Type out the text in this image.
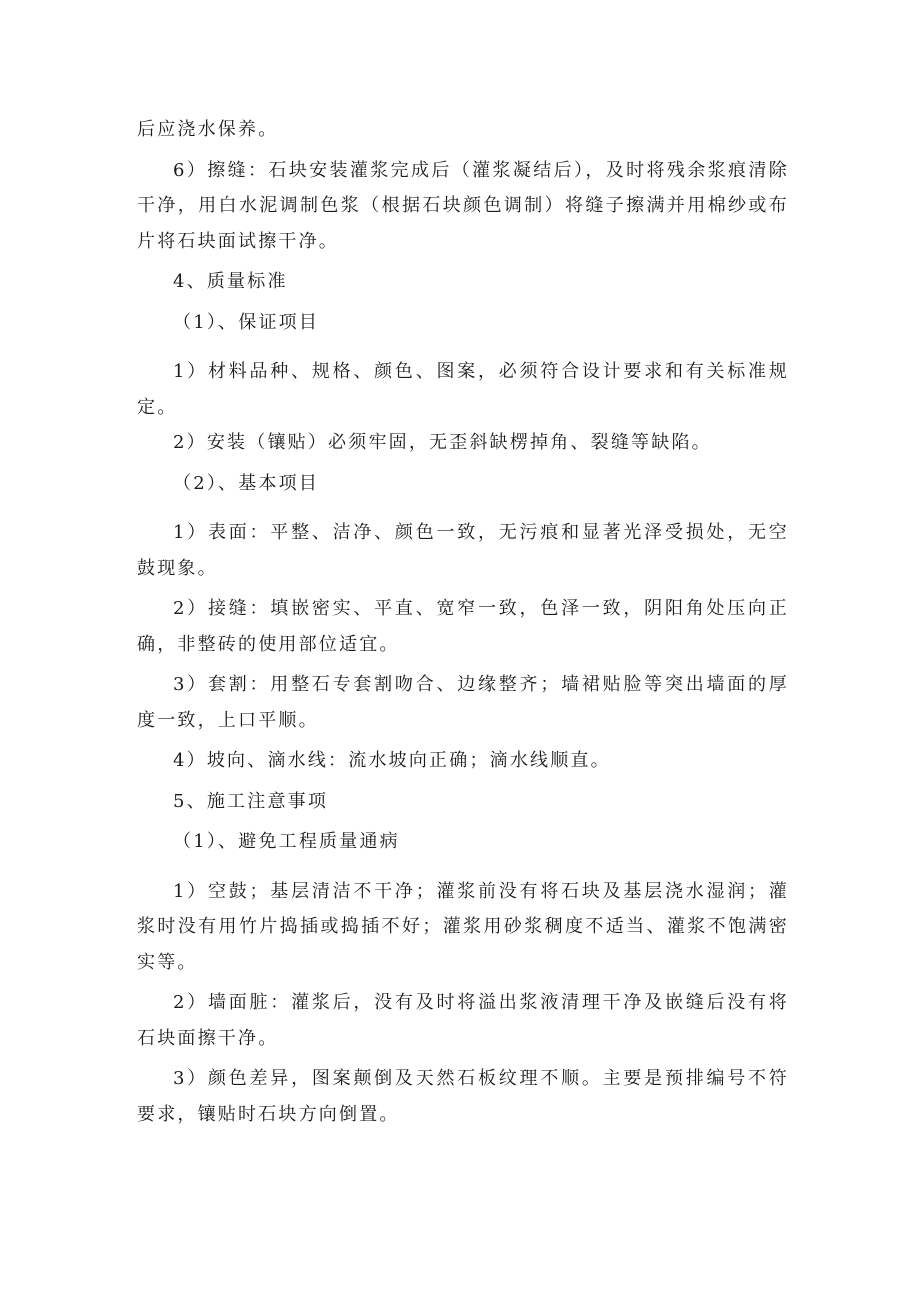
后应浇水保养。

6）擦缝：石块安装灌浆完成后（灌浆凝结后），及时将残余浆痕清除干净，用白水泥调制色浆（根据石块颜色调制）将缝子擦满并用棉纱或布片将石块面试擦干净。

4、质量标准

（1）、保证项目

1）材料品种、规格、颜色、图案，必须符合设计要求和有关标准规定。

2）安装（镶贴）必须牢固，无歪斜缺楞掉角、裂缝等缺陷。

（2）、基本项目

1）表面：平整、洁净、颜色一致，无污痕和显著光泽受损处，无空鼓现象。

2）接缝：填嵌密实、平直、宽窄一致，色泽一致，阴阳角处压向正确，非整砖的使用部位适宜。

3）套割：用整石专套割吻合、边缘整齐；墙裙贴脸等突出墙面的厚度一致，上口平顺。

4）坡向、滴水线：流水坡向正确；滴水线顺直。

5、施工注意事项

（1）、避免工程质量通病

1）空鼓；基层清洁不干净；灌浆前没有将石块及基层浇水湿润；灌浆时没有用竹片捣插或捣插不好；灌浆用砂浆稠度不适当、灌浆不饱满密实等。

2）墙面脏：灌浆后，没有及时将溢出浆液清理干净及嵌缝后没有将石块面擦干净。

3）颜色差异，图案颠倒及天然石板纹理不顺。主要是预排编号不符要求，镶贴时石块方向倒置。
